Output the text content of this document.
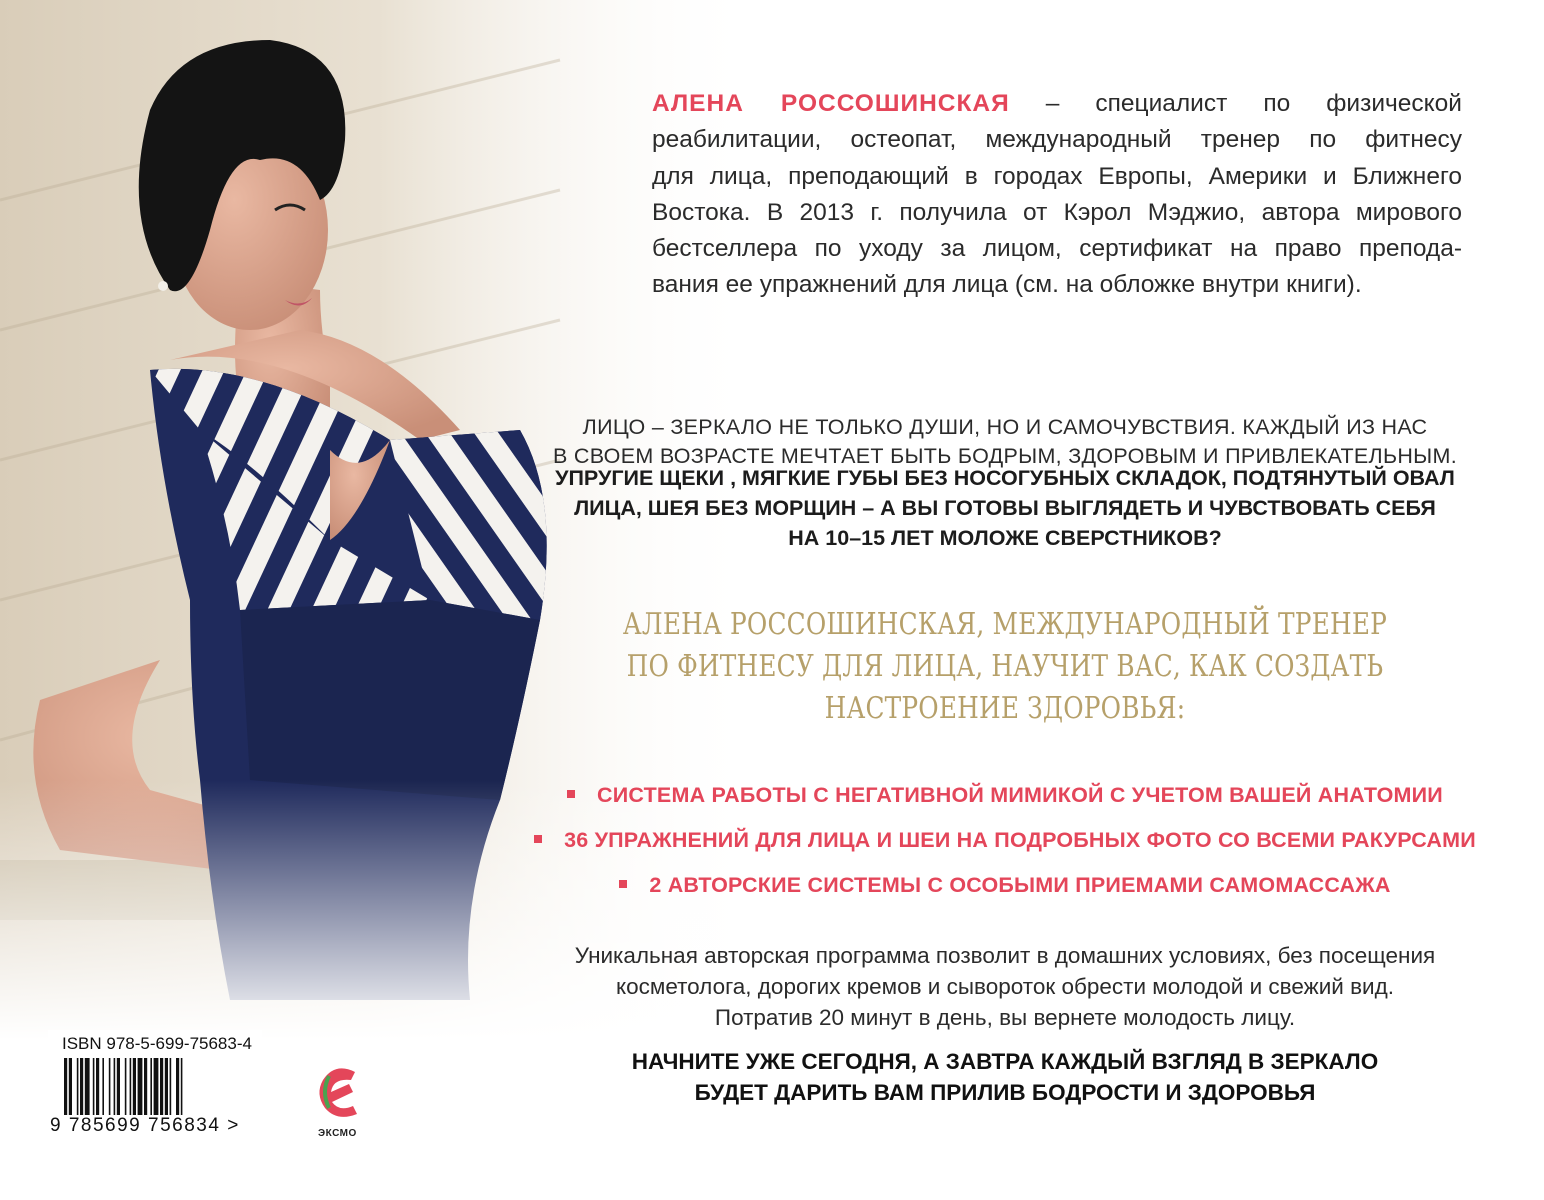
АЛЕНА РОССОШИНСКАЯ – специалист по физической
реабилитации, остеопат, международный тренер по фитнесу
для лица, преподающий в городах Европы, Америки и Ближнего
Востока. В 2013 г. получила от Кэрол Мэджио, автора мирового
бестселлера по уходу за лицом, сертификат на право препода-
вания ее упражнений для лица (см. на обложке внутри книги).
ЛИЦО – ЗЕРКАЛО НЕ ТОЛЬКО ДУШИ, НО И САМОЧУВСТВИЯ. КАЖДЫЙ ИЗ НАС
В СВОЕМ ВОЗРАСТЕ МЕЧТАЕТ БЫТЬ БОДРЫМ, ЗДОРОВЫМ И ПРИВЛЕКАТЕЛЬНЫМ.
УПРУГИЕ ЩЕКИ , МЯГКИЕ ГУБЫ БЕЗ НОСОГУБНЫХ СКЛАДОК, ПОДТЯНУТЫЙ ОВАЛ
ЛИЦА, ШЕЯ БЕЗ МОРЩИН – А ВЫ ГОТОВЫ ВЫГЛЯДЕТЬ И ЧУВСТВОВАТЬ СЕБЯ
НА 10–15 ЛЕТ МОЛОЖЕ СВЕРСТНИКОВ?
АЛЕНА РОССОШИНСКАЯ, МЕЖДУНАРОДНЫЙ ТРЕНЕР
ПО ФИТНЕСУ ДЛЯ ЛИЦА, НАУЧИТ ВАС, КАК СОЗДАТЬ
НАСТРОЕНИЕ ЗДОРОВЬЯ:
СИСТЕМА РАБОТЫ С НЕГАТИВНОЙ МИМИКОЙ С УЧЕТОМ ВАШЕЙ АНАТОМИИ
36 УПРАЖНЕНИЙ ДЛЯ ЛИЦА И ШЕИ НА ПОДРОБНЫХ ФОТО СО ВСЕМИ РАКУРСАМИ
2 АВТОРСКИЕ СИСТЕМЫ С ОСОБЫМИ ПРИЕМАМИ САМОМАССАЖА
Уникальная авторская программа позволит в домашних условиях, без посещения
косметолога, дорогих кремов и сывороток обрести молодой и свежий вид.
Потратив 20 минут в день, вы вернете молодость лицу.
НАЧНИТЕ УЖЕ СЕГОДНЯ, А ЗАВТРА КАЖДЫЙ ВЗГЛЯД В ЗЕРКАЛО
БУДЕТ ДАРИТЬ ВАМ ПРИЛИВ БОДРОСТИ И ЗДОРОВЬЯ
ISBN 978-5-699-75683-4
9 785699 756834 >	ЭКСМО
